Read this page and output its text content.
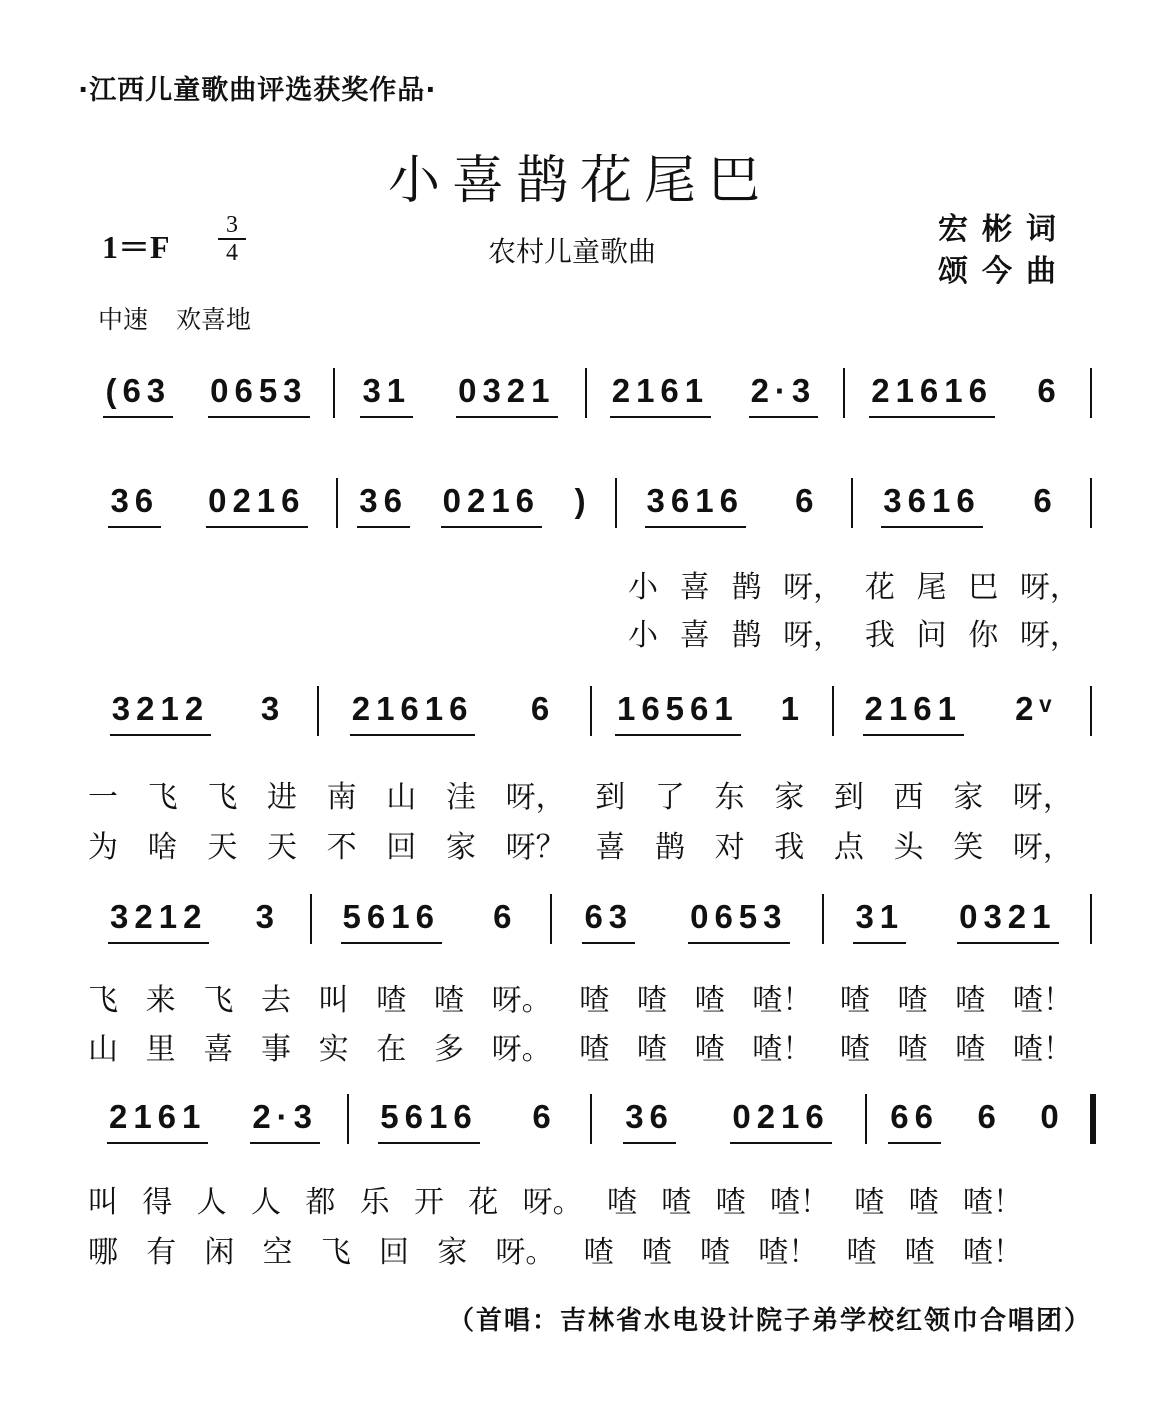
·江西儿童歌曲评选获奖作品·
小喜鹊花尾巴
1＝F
3
4	农村儿童歌曲
宏彬词
颂今曲
中速 欢喜地
(63 0653 31 0321 2161 2·3 21616 6
36 0216 36 0216 ) 3616 6 3616 6
小 喜 鹊 呀， 花 尾 巴 呀，
小 喜 鹊 呀， 我 问 你 呀，
3212 3 21616 6 16561 1 2161 2ᵛ
一 飞 飞 进 南 山 洼 呀， 到 了 东 家 到 西 家 呀，
为 啥 天 天 不 回 家 呀？ 喜 鹊 对 我 点 头 笑 呀，
3212 3 5616 6 63 0653 31 0321
飞 来 飞 去 叫 喳 喳 呀。 喳 喳 喳 喳！ 喳 喳 喳 喳！
山 里 喜 事 实 在 多 呀。 喳 喳 喳 喳！ 喳 喳 喳 喳！
2161 2·3 5616 6 36 0216 66 6 0
叫 得 人 人 都 乐 开 花 呀。 喳 喳 喳 喳！ 喳 喳 喳！
哪 有 闲 空 飞 回 家 呀。 喳 喳 喳 喳！ 喳 喳 喳！
（首唱：吉林省水电设计院子弟学校红领巾合唱团）
